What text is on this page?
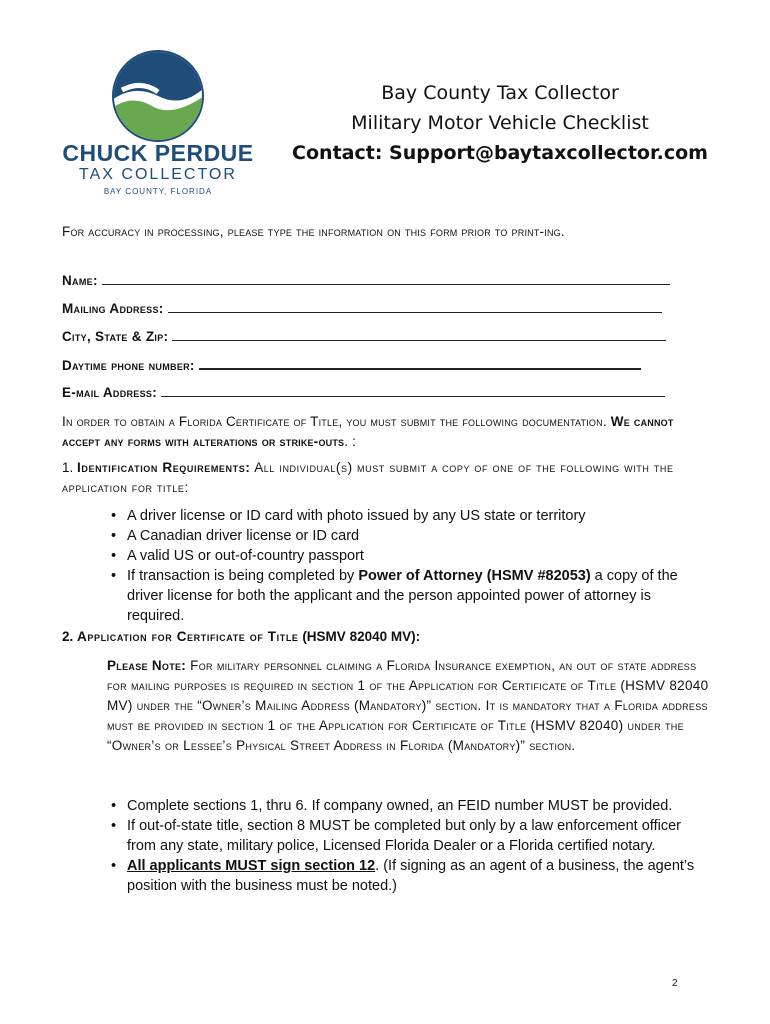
CHUCK PERDUE
TAX COLLECTOR
BAY COUNTY, FLORIDA
Bay County Tax Collector
Military Motor Vehicle Checklist
Contact: Support@baytaxcollector.com
For accuracy in processing, please type the information on this form prior to print-ing.
Name:
Mailing Address:
City, State & Zip:
Daytime phone number:
E-mail Address:
In order to obtain a Florida Certificate of Title, you must submit the following documentation. We cannot accept any forms with alterations or strike-outs. :
1. Identification Requirements: All individual(s) must submit a copy of one of the following with the application for title:
• A driver license or ID card with photo issued by any US state or territory
• A Canadian driver license or ID card
• A valid US or out-of-country passport
• If transaction is being completed by Power of Attorney (HSMV #82053) a copy of the driver license for both the applicant and the person appointed power of attorney is required.
2. Application for Certificate of Title (HSMV 82040 MV):
Please Note: For military personnel claiming a Florida Insurance exemption, an out of state address for mailing purposes is required in section 1 of the Application for Certificate of Title (HSMV 82040 MV) under the “Owner’s Mailing Address (Mandatory)” section. It is mandatory that a Florida address must be provided in section 1 of the Application for Certificate of Title (HSMV 82040) under the “Owner’s or Lessee’s Physical Street Address in Florida (Mandatory)” section.
• Complete sections 1, thru 6. If company owned, an FEID number MUST be provided.
• If out-of-state title, section 8 MUST be completed but only by a law enforcement officer from any state, military police, Licensed Florida Dealer or a Florida certified notary.
• All applicants MUST sign section 12. (If signing as an agent of a business, the agent’s position with the business must be noted.)
2
